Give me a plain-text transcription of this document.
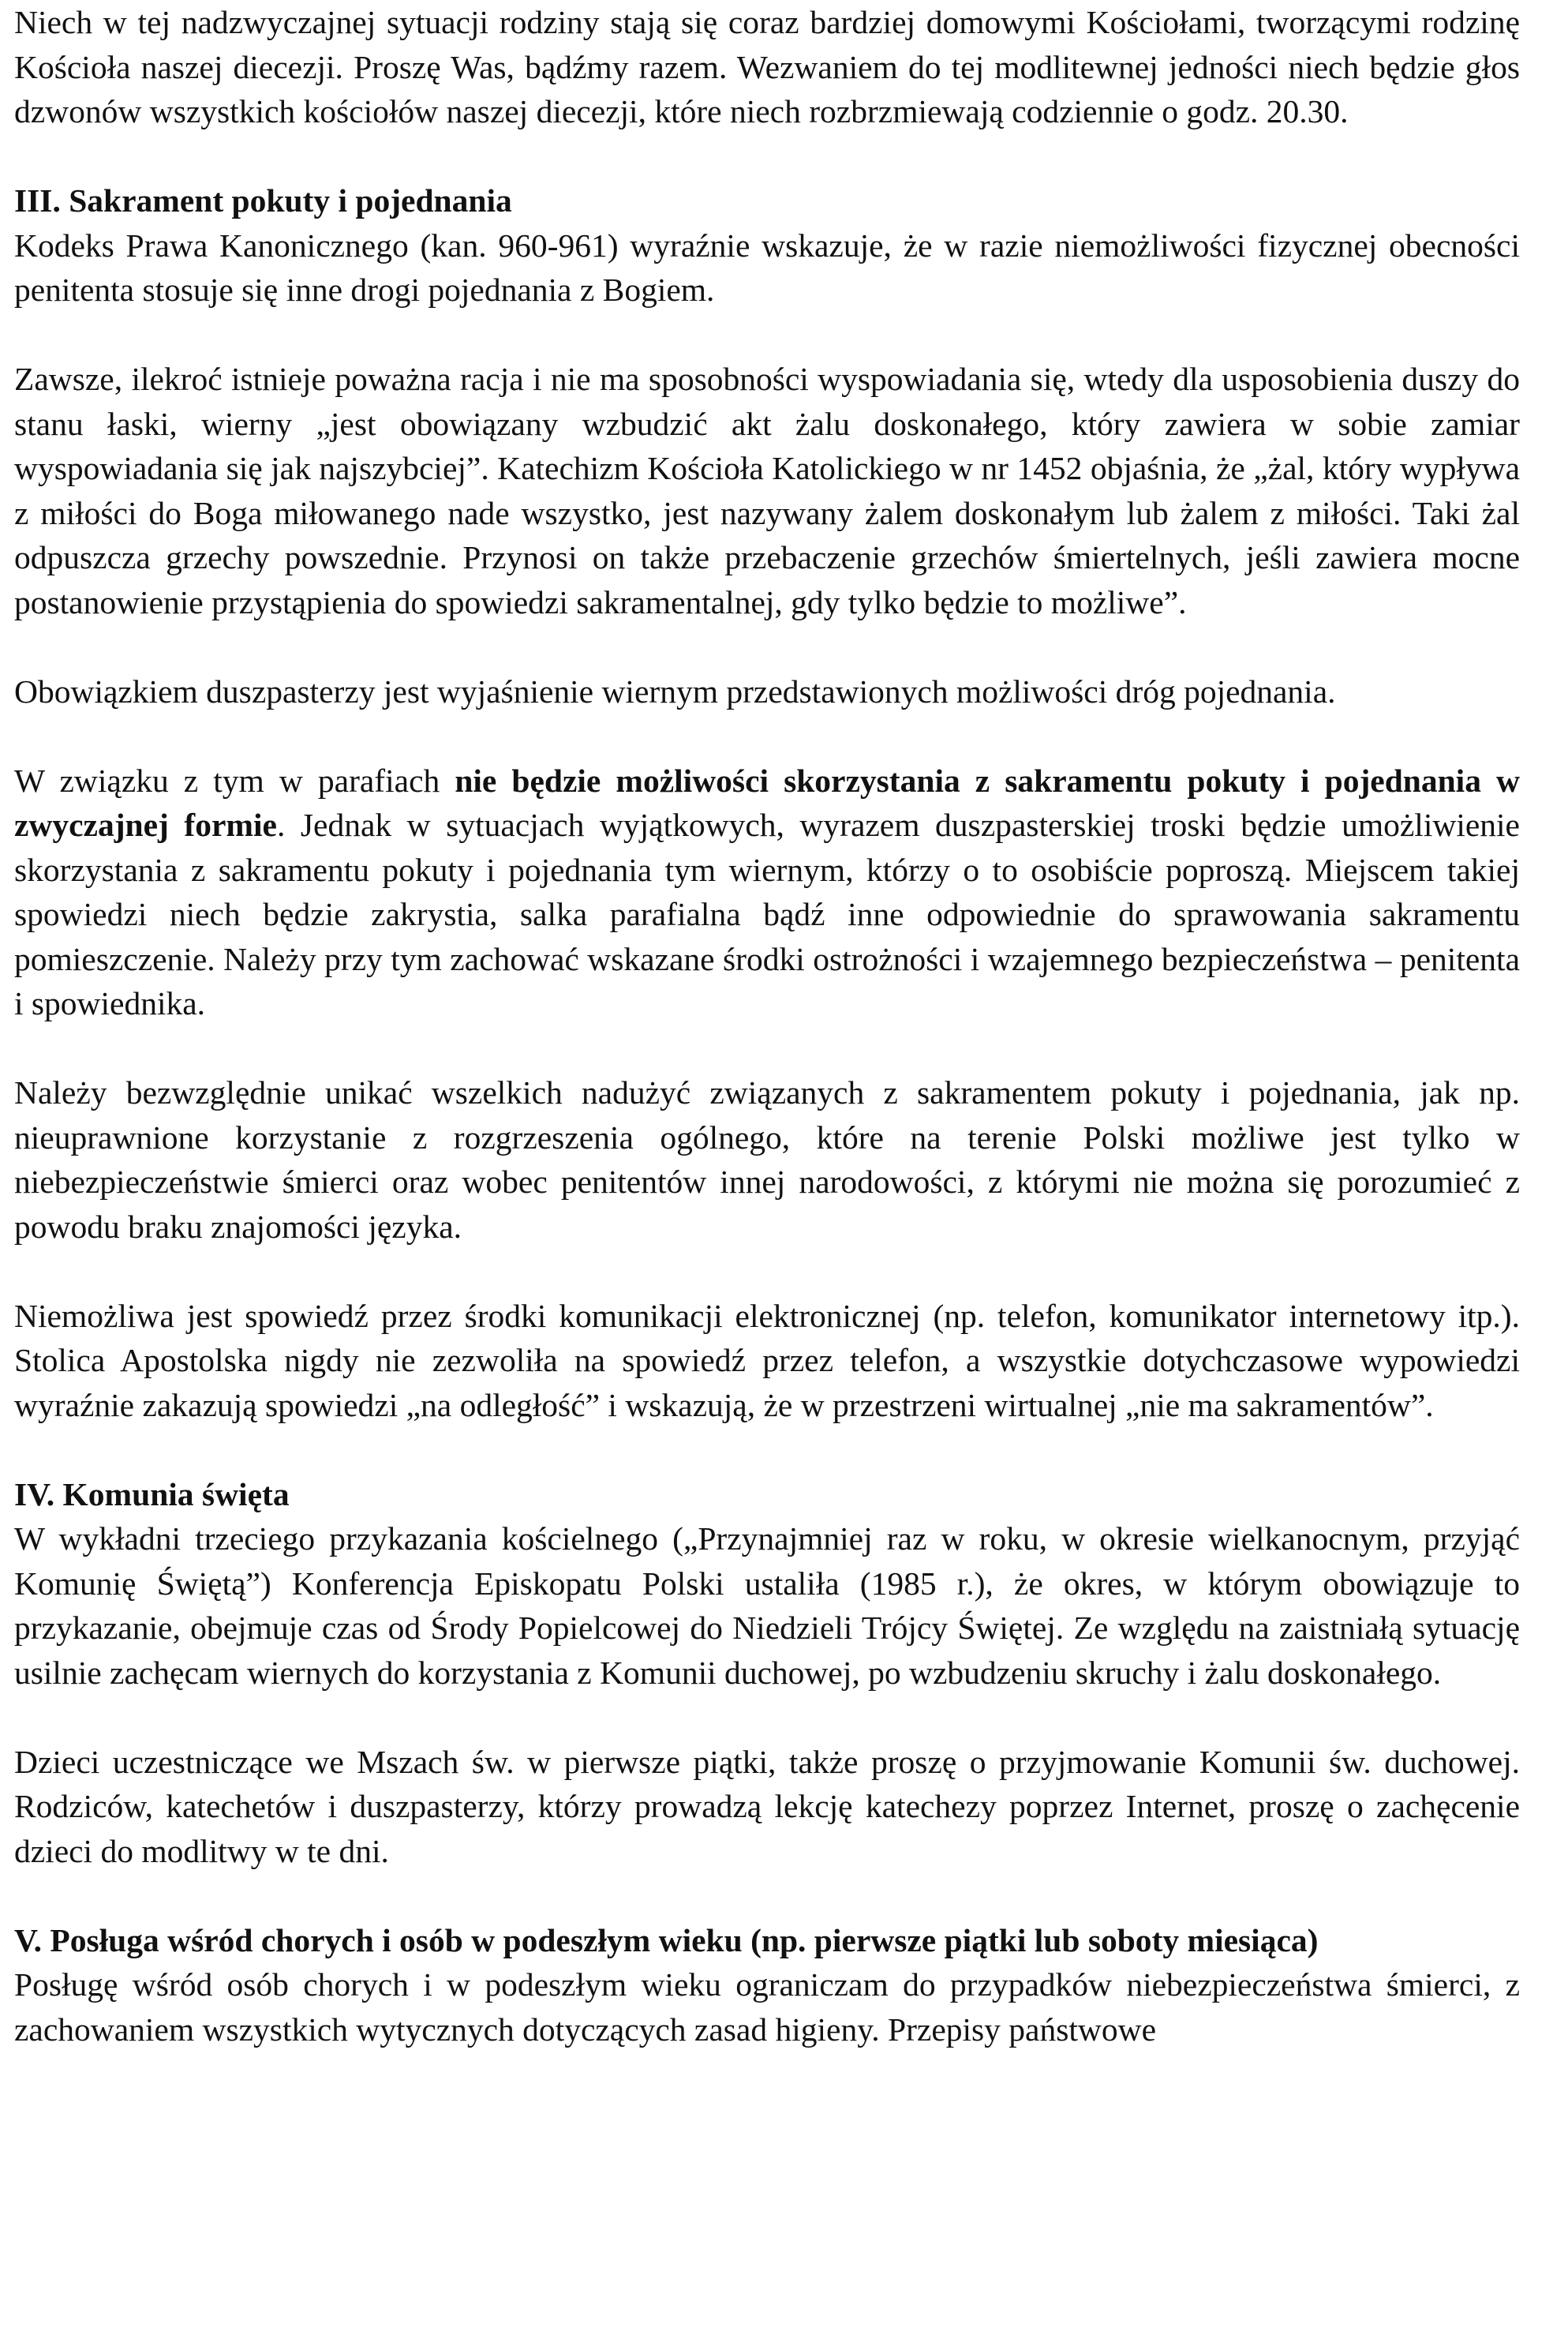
Niech w tej nadzwyczajnej sytuacji rodziny stają się coraz bardziej domowymi Kościołami, tworzącymi rodzinę Kościoła naszej diecezji. Proszę Was, bądźmy razem. Wezwaniem do tej modlitewnej jedności niech będzie głos dzwonów wszystkich kościołów naszej diecezji, które niech rozbrzmiewają codziennie o godz. 20.30.

III. Sakrament pokuty i pojednania

Kodeks Prawa Kanonicznego (kan. 960-961) wyraźnie wskazuje, że w razie niemożliwości fizycznej obecności penitenta stosuje się inne drogi pojednania z Bogiem.

Zawsze, ilekroć istnieje poważna racja i nie ma sposobności wyspowiadania się, wtedy dla usposobienia duszy do stanu łaski, wierny „jest obowiązany wzbudzić akt żalu doskonałego, który zawiera w sobie zamiar wyspowiadania się jak najszybciej”. Katechizm Kościoła Katolickiego w nr 1452 objaśnia, że „żal, który wypływa z miłości do Boga miłowanego nade wszystko, jest nazywany żalem doskonałym lub żalem z miłości. Taki żal odpuszcza grzechy powszednie. Przynosi on także przebaczenie grzechów śmiertelnych, jeśli zawiera mocne postanowienie przystąpienia do spowiedzi sakramentalnej, gdy tylko będzie to możliwe”.

Obowiązkiem duszpasterzy jest wyjaśnienie wiernym przedstawionych możliwości dróg pojednania.

W związku z tym w parafiach nie będzie możliwości skorzystania z sakramentu pokuty i pojednania w zwyczajnej formie. Jednak w sytuacjach wyjątkowych, wyrazem duszpasterskiej troski będzie umożliwienie skorzystania z sakramentu pokuty i pojednania tym wiernym, którzy o to osobiście poproszą. Miejscem takiej spowiedzi niech będzie zakrystia, salka parafialna bądź inne odpowiednie do sprawowania sakramentu pomieszczenie. Należy przy tym zachować wskazane środki ostrożności i wzajemnego bezpieczeństwa – penitenta i spowiednika.

Należy bezwzględnie unikać wszelkich nadużyć związanych z sakramentem pokuty i pojednania, jak np. nieuprawnione korzystanie z rozgrzeszenia ogólnego, które na terenie Polski możliwe jest tylko w niebezpieczeństwie śmierci oraz wobec penitentów innej narodowości, z którymi nie można się porozumieć z powodu braku znajomości języka.

Niemożliwa jest spowiedź przez środki komunikacji elektronicznej (np. telefon, komunikator internetowy itp.). Stolica Apostolska nigdy nie zezwoliła na spowiedź przez telefon, a wszystkie dotychczasowe wypowiedzi wyraźnie zakazują spowiedzi „na odległość” i wskazują, że w przestrzeni wirtualnej „nie ma sakramentów”.

IV. Komunia święta

W wykładni trzeciego przykazania kościelnego („Przynajmniej raz w roku, w okresie wielkanocnym, przyjąć Komunię Świętą”) Konferencja Episkopatu Polski ustaliła (1985 r.), że okres, w którym obowiązuje to przykazanie, obejmuje czas od Środy Popielcowej do Niedzieli Trójcy Świętej. Ze względu na zaistniałą sytuację usilnie zachęcam wiernych do korzystania z Komunii duchowej, po wzbudzeniu skruchy i żalu doskonałego.

Dzieci uczestniczące we Mszach św. w pierwsze piątki, także proszę o przyjmowanie Komunii św. duchowej. Rodziców, katechetów i duszpasterzy, którzy prowadzą lekcję katechezy poprzez Internet, proszę o zachęcenie dzieci do modlitwy w te dni.

V. Posługa wśród chorych i osób w podeszłym wieku (np. pierwsze piątki lub soboty miesiąca)

Posługę wśród osób chorych i w podeszłym wieku ograniczam do przypadków niebezpieczeństwa śmierci, z zachowaniem wszystkich wytycznych dotyczących zasad higieny. Przepisy państwowe
